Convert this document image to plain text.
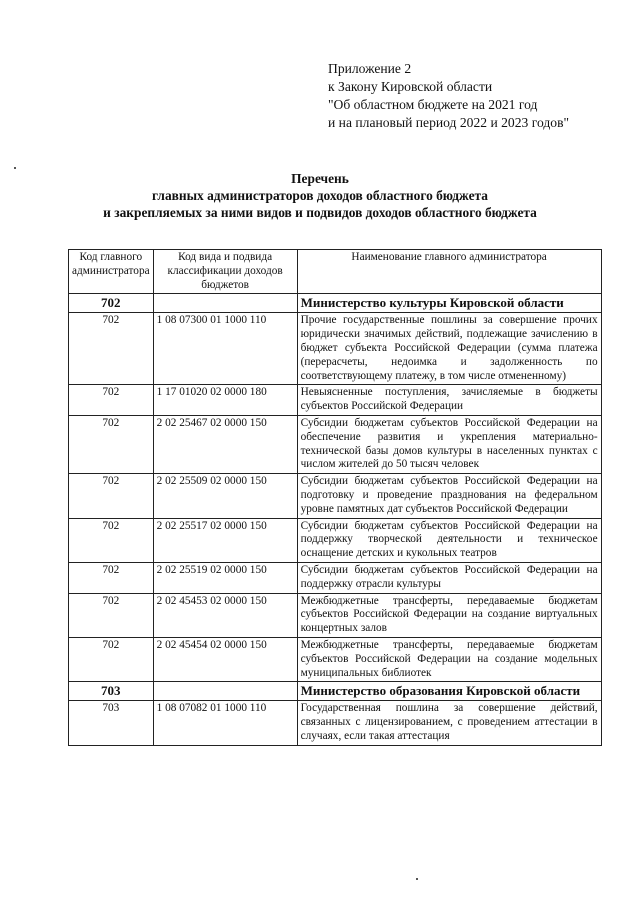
Приложение 2
к Закону Кировской области
"Об областном бюджете на 2021 год
и на плановый период 2022 и 2023 годов"
Перечень
главных администраторов доходов областного бюджета
и закрепляемых за ними видов и подвидов доходов областного бюджета
Код главного администратора	Код вида и подвида классификации доходов бюджетов	Наименование главного администратора
702		Министерство культуры Кировской области
702	1 08 07300 01 1000 110	Прочие государственные пошлины за совершение прочих юридически значимых действий, подлежащие зачислению в бюджет субъекта Российской Федерации (сумма платежа (перерасчеты, недоимка и задолженность по соответствующему платежу, в том числе отмененному)
702	1 17 01020 02 0000 180	Невыясненные поступления, зачисляемые в бюджеты субъектов Российской Федерации
702	2 02 25467 02 0000 150	Субсидии бюджетам субъектов Российской Федерации на обеспечение развития и укрепления материально-технической базы домов культуры в населенных пунктах с числом жителей до 50 тысяч человек
702	2 02 25509 02 0000 150	Субсидии бюджетам субъектов Российской Федерации на подготовку и проведение празднования на федеральном уровне памятных дат субъектов Российской Федерации
702	2 02 25517 02 0000 150	Субсидии бюджетам субъектов Российской Федерации на поддержку творческой деятельности и техническое оснащение детских и кукольных театров
702	2 02 25519 02 0000 150	Субсидии бюджетам субъектов Российской Федерации на поддержку отрасли культуры
702	2 02 45453 02 0000 150	Межбюджетные трансферты, передаваемые бюджетам субъектов Российской Федерации на создание виртуальных концертных залов
702	2 02 45454 02 0000 150	Межбюджетные трансферты, передаваемые бюджетам субъектов Российской Федерации на создание модельных муниципальных библиотек
703		Министерство образования Кировской области
703	1 08 07082 01 1000 110	Государственная пошлина за совершение действий, связанных с лицензированием, с проведением аттестации в случаях, если такая аттестация
